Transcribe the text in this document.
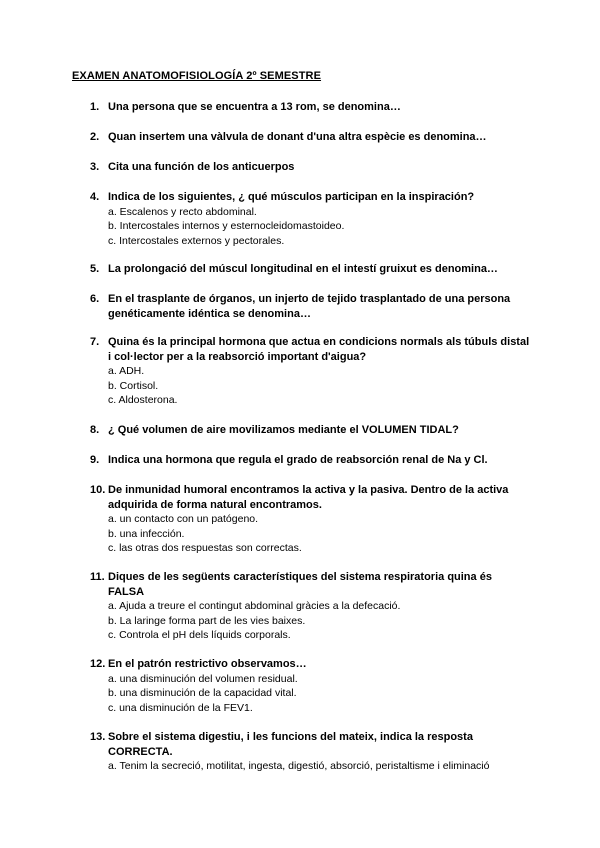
EXAMEN ANATOMOFISIOLOGÍA 2º SEMESTRE
1. Una persona que se encuentra a 13 rom, se denomina…
2. Quan insertem una vàlvula de donant d'una altra espècie es denomina…
3. Cita una función de los anticuerpos
4. Indica de los siguientes, ¿ qué músculos participan en la inspiración?
a. Escalenos y recto abdominal.
b. Intercostales internos y esternocleidomastoideo.
c. Intercostales externos y pectorales.
5. La prolongació del múscul longitudinal en el intestí gruixut es denomina…
6. En el trasplante de órganos, un injerto de tejido trasplantado de una persona genéticamente idéntica se denomina…
7. Quina és la principal hormona que actua en condicions normals als túbuls distal i col·lector per a la reabsorció important d'aigua?
a. ADH.
b. Cortisol.
c. Aldosterona.
8. ¿ Qué volumen de aire movilizamos mediante el VOLUMEN TIDAL?
9. Indica una hormona que regula el grado de reabsorción renal de Na y Cl.
10. De inmunidad humoral encontramos la activa y la pasiva. Dentro de la activa adquirida de forma natural encontramos.
a. un contacto con un patógeno.
b. una infección.
c. las otras dos respuestas son correctas.
11. Diques de les següents característiques del sistema respiratoria quina és FALSA
a. Ajuda a treure el contingut abdominal gràcies a la defecació.
b. La laringe forma part de les vies baixes.
c. Controla el pH dels líquids corporals.
12. En el patrón restrictivo observamos…
a. una disminución del volumen residual.
b. una disminución de la capacidad vital.
c. una disminución de la FEV1.
13. Sobre el sistema digestiu, i les funcions del mateix, indica la resposta CORRECTA.
a. Tenim la secreció, motilitat, ingesta, digestió, absorció, peristaltisme i eliminació
